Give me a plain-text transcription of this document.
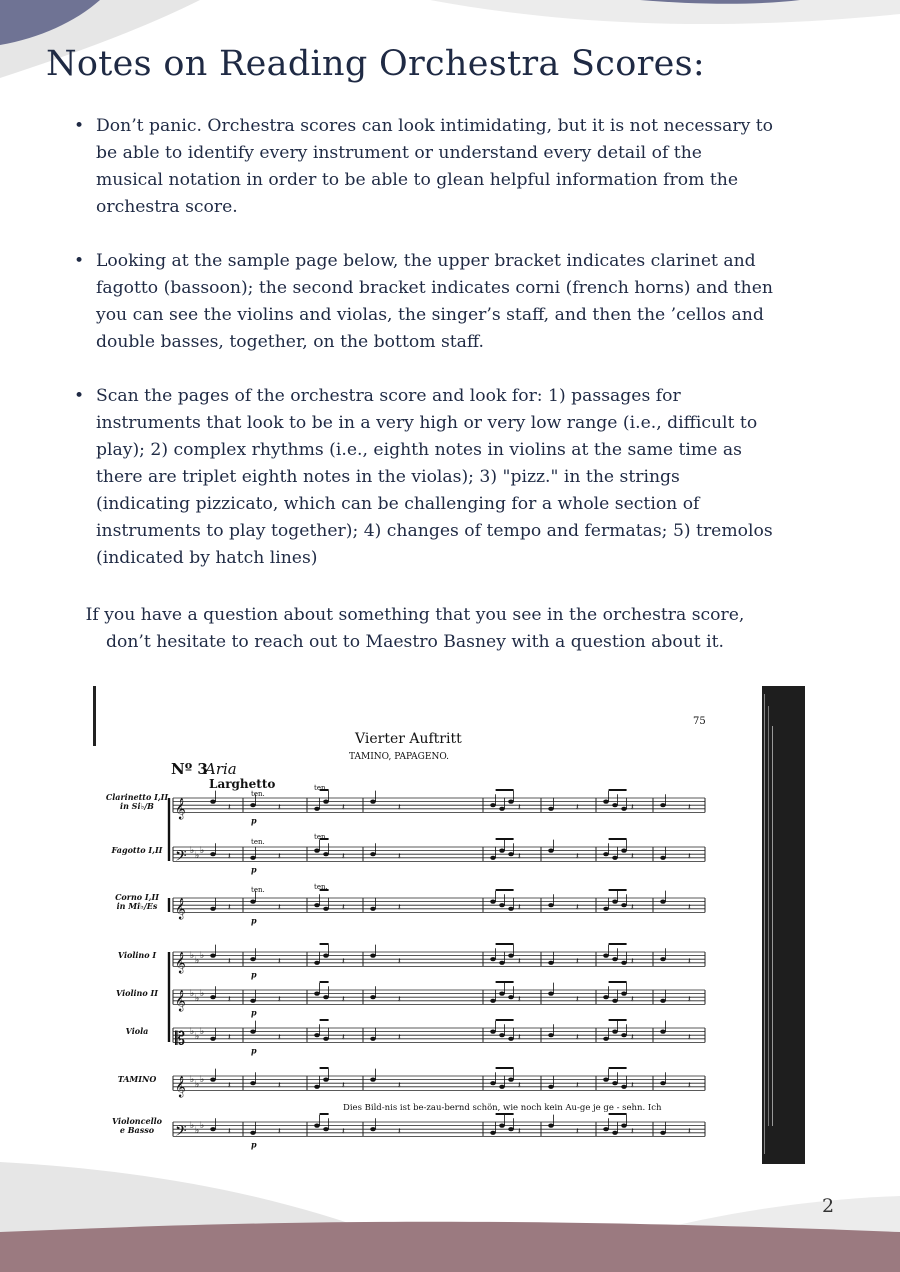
Notes on Reading Orchestra Scores:
• Don’t panic. Orchestra scores can look intimidating, but it is not necessary to be able to identify every instrument or understand every detail of the musical notation in order to be able to glean helpful information from the orchestra score.
• Looking at the sample page below, the upper bracket indicates clarinet and fagotto (bassoon); the second bracket indicates corni (french horns) and then you can see the violins and violas, the singer’s staff, and then the ’cellos and double basses, together, on the bottom staff.
• Scan the pages of the orchestra score and look for: 1) passages for instruments that look to be in a very high or very low range (i.e., difficult to play); 2) complex rhythms (i.e., eighth notes in violins at the same time as there are triplet eighth notes in the violas); 3) "pizz." in the strings (indicating pizzicato, which can be challenging for a whole section of instruments to play together); 4) changes of tempo and fermatas; 5) tremolos (indicated by hatch lines)

If you have a question about something that you see in the orchestra score, don’t hesitate to reach out to Maestro Basney with a question about it.

75
Vierter Auftritt
TAMINO, PAPAGENO.
Nº 3
Aria
Larghetto
ten.
ten.
ten.
ten.
ten.	ten.
𝄞
Clarinetto I,II
in Si♭/B	𝄽	𝄽	𝄽	𝄽	𝄽	𝄽	𝄽	𝄽
p
𝄢 ♭ ♭ ♭
Fagotto I,II
𝄽	𝄽	𝄽	𝄽	𝄽	𝄽	𝄽	𝄽
p
𝄞
Corno I,II
in Mi♭/Es	𝄽	𝄽	𝄽	𝄽	𝄽	𝄽	𝄽	𝄽
p
𝄞 ♭ ♭ ♭
Violino I
𝄽	𝄽	𝄽	𝄽	𝄽	𝄽	𝄽	𝄽
p
𝄞 ♭ ♭ ♭
Violino II
𝄽	𝄽	𝄽	𝄽	𝄽	𝄽	𝄽	𝄽
p
𝄡 ♭ ♭ ♭
Viola
𝄽	𝄽	𝄽	𝄽	𝄽	𝄽	𝄽	𝄽
p
𝄞 ♭ ♭ ♭
TAMINO
𝄽	𝄽	𝄽	𝄽	𝄽	𝄽	𝄽	𝄽
𝄢 ♭ ♭ ♭
Violoncello
e Basso	𝄽	𝄽	𝄽	𝄽	𝄽	𝄽	𝄽	𝄽
p
Dies Bild-nis ist be-zau-bernd schön, wie noch kein Au-ge je ge - sehn. Ich
2
